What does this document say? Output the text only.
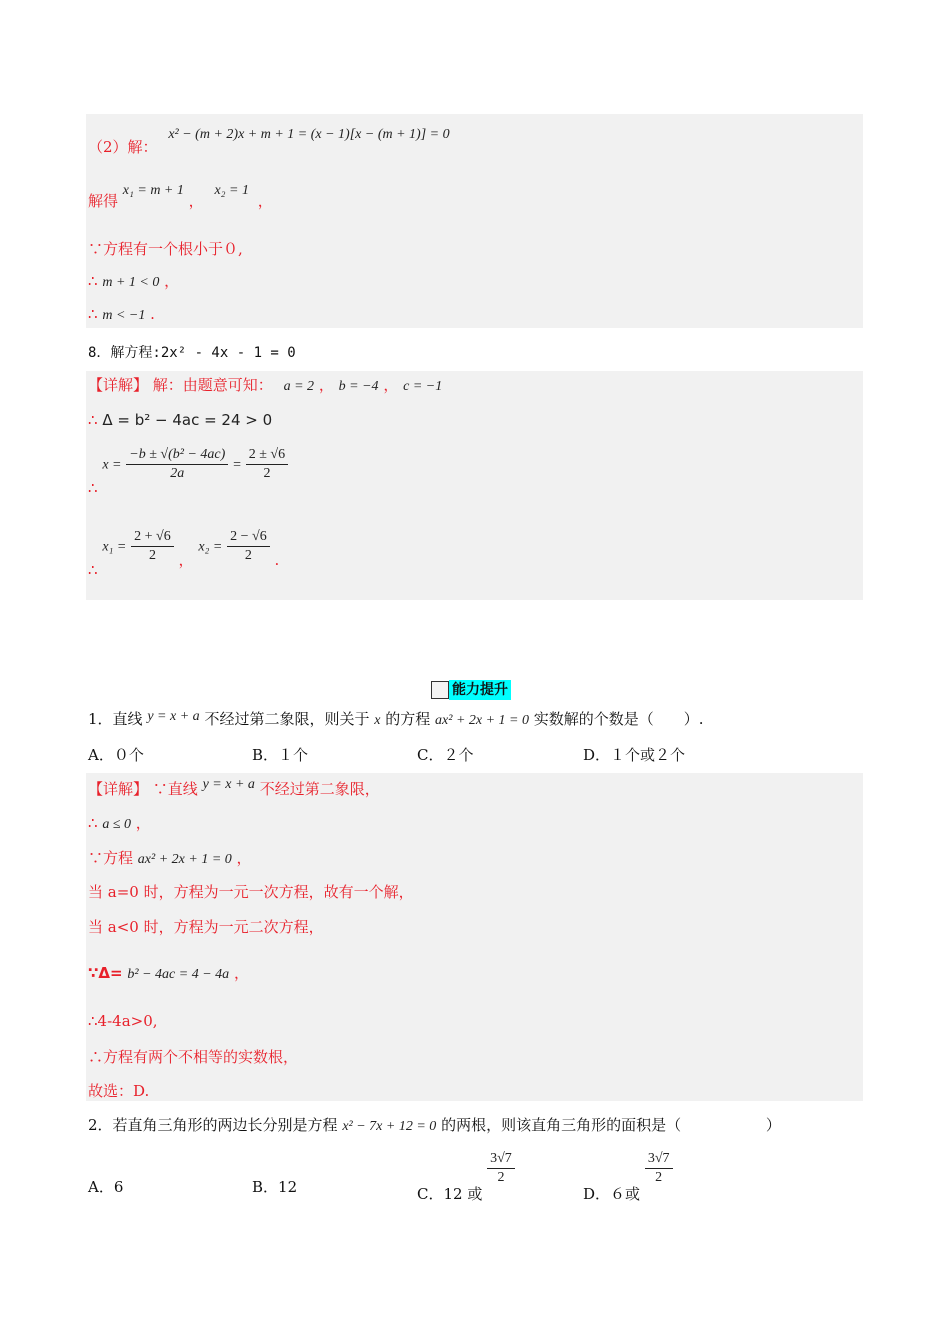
（2）解： x² − (m + 2)x + m + 1 = (x − 1)[x − (m + 1)] = 0
解得 x₁ = m + 1 ， x₂ = 1 ，
∵方程有一个根小于０,
∴ m + 1 < 0 ，
∴ m < −1 .
8．解方程:2x² - 4x - 1 = 0
【详解】 解：由题意可知： a = 2 ， b = −4 ， c = −1
∴ Δ = b² − 4ac = 24 > 0
∴ $x = \frac{\text{−b ± √(b² − 4ac)}}{2a} = \frac{2 \pm √6}{2}$
∴ $x_1 = \frac{2 + √6}{2}$ ， $x_2 = \frac{2 - √6}{2}$ .
能力提升
1．直线 y = x + a 不经过第二象限，则关于 x 的方程 ax² + 2x + 1 = 0 实数解的个数是（　　）.
A．０个	B．１个	C．２个	D．１个或２个
【详解】 ∵直线 y = x + a 不经过第二象限，
∴ a ≤ 0 ，
∵方程 ax² + 2x + 1 = 0 ，
当 a=0 时，方程为一元一次方程，故有一个解，
当 a<0 时，方程为一元二次方程，
∵Δ= b² − 4ac = 4 − 4a ，
∴4-4a>0,
∴方程有两个不相等的实数根，
故选：D.
2．若直角三角形的两边长分别是方程 x² − 7x + 12 = 0 的两根，则该直角三角形的面积是（	）
A．6	B．12	C．12 或
$\frac{3√7}{2}$
D．６或
$\frac{3√7}{2}$
